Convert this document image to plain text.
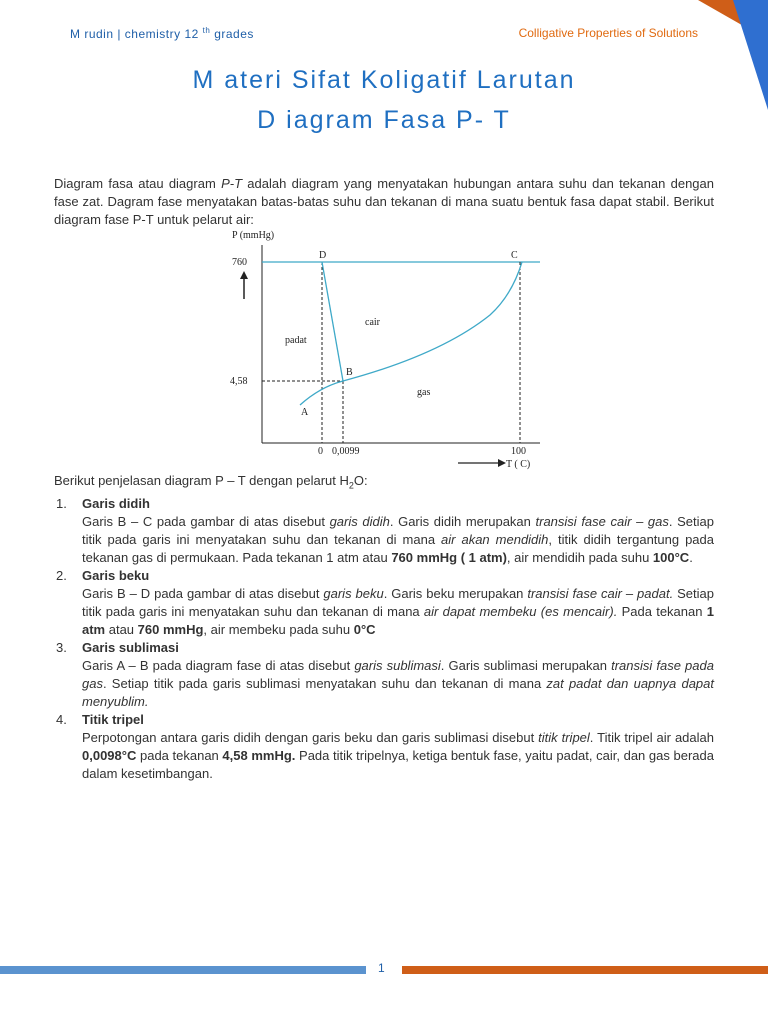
M rudin | chemistry 12 $^{th}$ grades	Colligative Properties of Solutions
M ateri Sifat Koligatif Larutan
D iagram Fasa P- T
Diagram fasa atau diagram P-T adalah diagram yang menyatakan hubungan antara suhu dan tekanan dengan fase zat. Dagram fase menyatakan batas-batas suhu dan tekanan di mana suatu bentuk fasa dapat stabil. Berikut diagram fase P-T untuk pelarut air:
P (mmHg)
760
4,58
D	C
B
A
cair
padat
gas
0 0,0099	100
T ( C)
Berikut penjelasan diagram P – T dengan pelarut $H_2O$:
1. Garis didih
Garis B – C pada gambar di atas disebut garis didih. Garis didih merupakan transisi fase cair – gas. Setiap titik pada garis ini menyatakan suhu dan tekanan di mana air akan mendidih, titik didih tergantung pada tekanan gas di permukaan. Pada tekanan 1 atm atau 760 mmHg ( 1 atm), air mendidih pada suhu 100°C.
2. Garis beku
Garis B – D pada gambar di atas disebut garis beku. Garis beku merupakan transisi fase cair – padat. Setiap titik pada garis ini menyatakan suhu dan tekanan di mana air dapat membeku (es mencair). Pada tekanan 1 atm atau 760 mmHg, air membeku pada suhu 0°C
3. Garis sublimasi
Garis A – B pada diagram fase di atas disebut garis sublimasi. Garis sublimasi merupakan transisi fase pada gas. Setiap titik pada garis sublimasi menyatakan suhu dan tekanan di mana zat padat dan uapnya dapat menyublim.
4. Titik tripel
Perpotongan antara garis didih dengan garis beku dan garis sublimasi disebut titik tripel. Titik tripel air adalah 0,0098°C pada tekanan 4,58 mmHg. Pada titik tripelnya, ketiga bentuk fase, yaitu padat, cair, dan gas berada dalam kesetimbangan.
1
